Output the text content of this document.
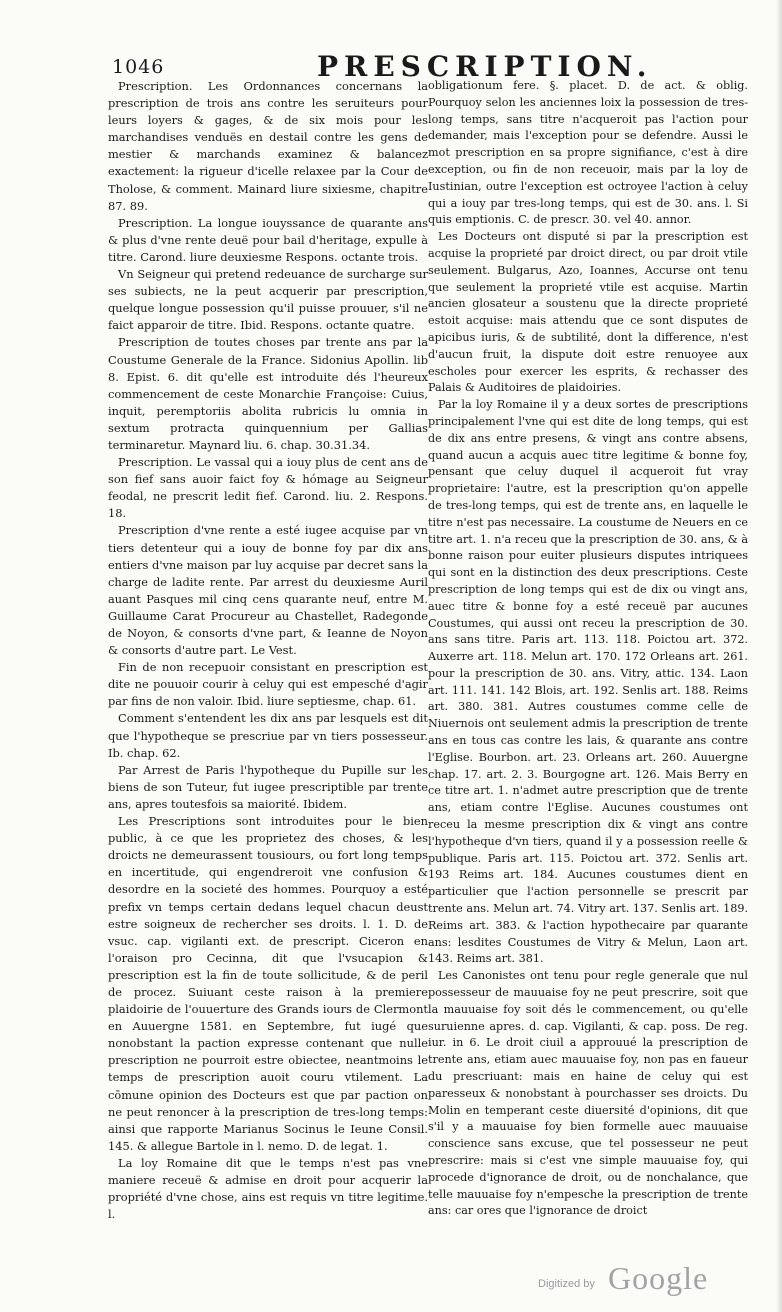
1046	PRESCRIPTION.

Prescription. Les Ordonnances concernans la prescription de trois ans contre les seruiteurs pour leurs loyers & gages, & de six mois pour les marchandises venduës en destail contre les gens de mestier & marchands examinez & balancez exactement: la rigueur d'icelle relaxee par la Cour de Tholose, & comment. Mainard liure sixiesme, chapitre 87. 89.

Prescription. La longue iouyssance de quarante ans & plus d'vne rente deuë pour bail d'heritage, expulle à titre. Carond. liure deuxiesme Respons. octante trois.

Vn Seigneur qui pretend redeuance de surcharge sur ses subiects, ne la peut acquerir par prescription, quelque longue possession qu'il puisse prouuer, s'il ne faict apparoir de titre. Ibid. Respons. octante quatre.

Prescription de toutes choses par trente ans par la Coustume Generale de la France. Sidonius Apollin. lib 8. Epist. 6. dit qu'elle est introduite dés l'heureux commencement de ceste Monarchie Françoise: Cuius, inquit, peremptoriis abolita rubricis lu omnia in sextum protracta quinquennium per Gallias terminaretur. Maynard liu. 6. chap. 30.31.34.

Prescription. Le vassal qui a iouy plus de cent ans de son fief sans auoir faict foy & hómage au Seigneur feodal, ne prescrit ledit fief. Carond. liu. 2. Respons. 18.

Prescription d'vne rente a esté iugee acquise par vn tiers detenteur qui a iouy de bonne foy par dix ans entiers d'vne maison par luy acquise par decret sans la charge de ladite rente. Par arrest du deuxiesme Auril auant Pasques mil cinq cens quarante neuf, entre M. Guillaume Carat Procureur au Chastellet, Radegonde de Noyon, & consorts d'vne part, & Ieanne de Noyon & consorts d'autre part. Le Vest.

Fin de non recepuoir consistant en prescription est dite ne pouuoir courir à celuy qui est empesché d'agir par fins de non valoir. Ibid. liure septiesme, chap. 61.

Comment s'entendent les dix ans par lesquels est dit que l'hypotheque se prescriue par vn tiers possesseur. Ib. chap. 62.

Par Arrest de Paris l'hypotheque du Pupille sur les biens de son Tuteur, fut iugee prescriptible par trente ans, apres toutesfois sa maiorité. Ibidem.

Les Prescriptions sont introduites pour le bien public, à ce que les proprietez des choses, & les droicts ne demeurassent tousiours, ou fort long temps en incertitude, qui engendreroit vne confusion & desordre en la societé des hommes. Pourquoy a esté prefix vn temps certain dedans lequel chacun deust estre soigneux de rechercher ses droits. l. 1. D. de vsuc. cap. vigilanti ext. de prescript. Ciceron en l'oraison pro Cecinna, dit que l'vsucapion & prescription est la fin de toute sollicitude, & de peril de procez. Suiuant ceste raison à la premiere plaidoirie de l'ouuerture des Grands iours de Clermont en Auuergne 1581. en Septembre, fut iugé que nonobstant la paction expresse contenant que nulle prescription ne pourroit estre obiectee, neantmoins le temps de prescription auoit couru vtilement. La cōmune opinion des Docteurs est que par paction on ne peut renoncer à la prescription de tres-long temps: ainsi que rapporte Marianus Socinus le Ieune Consil. 145. & allegue Bartole in l. nemo. D. de legat. 1.

La loy Romaine dit que le temps n'est pas vne maniere receuë & admise en droit pour acquerir la propriété d'vne chose, ains est requis vn titre legitime. l.

obligationum fere. §. placet. D. de act. & oblig. Pourquoy selon les anciennes loix la possession de tres-long temps, sans titre n'acqueroit pas l'action pour demander, mais l'exception pour se defendre. Aussi le mot prescription en sa propre signifiance, c'est à dire exception, ou fin de non receuoir, mais par la loy de Iustinian, outre l'exception est octroyee l'action à celuy qui a iouy par tres-long temps, qui est de 30. ans. l. Si quis emptionis. C. de prescr. 30. vel 40. annor.

Les Docteurs ont disputé si par la prescription est acquise la proprieté par droict direct, ou par droit vtile seulement. Bulgarus, Azo, Ioannes, Accurse ont tenu que seulement la proprieté vtile est acquise. Martin ancien glosateur a soustenu que la directe proprieté estoit acquise: mais attendu que ce sont disputes de apicibus iuris, & de subtilité, dont la difference, n'est d'aucun fruit, la dispute doit estre renuoyee aux escholes pour exercer les esprits, & rechasser des Palais & Auditoires de plaidoiries.

Par la loy Romaine il y a deux sortes de prescriptions principalement l'vne qui est dite de long temps, qui est de dix ans entre presens, & vingt ans contre absens, quand aucun a acquis auec titre legitime & bonne foy, pensant que celuy duquel il acqueroit fut vray proprietaire: l'autre, est la prescription qu'on appelle de tres-long temps, qui est de trente ans, en laquelle le titre n'est pas necessaire. La coustume de Neuers en ce titre art. 1. n'a receu que la prescription de 30. ans, & à bonne raison pour euiter plusieurs disputes intriquees qui sont en la distinction des deux prescriptions. Ceste prescription de long temps qui est de dix ou vingt ans, auec titre & bonne foy a esté receuë par aucunes Coustumes, qui aussi ont receu la prescription de 30. ans sans titre. Paris art. 113. 118. Poictou art. 372. Auxerre art. 118. Melun art. 170. 172 Orleans art. 261. pour la prescription de 30. ans. Vitry, attic. 134. Laon art. 111. 141. 142 Blois, art. 192. Senlis art. 188. Reims art. 380. 381. Autres coustumes comme celle de Niuernois ont seulement admis la prescription de trente ans en tous cas contre les lais, & quarante ans contre l'Eglise. Bourbon. art. 23. Orleans art. 260. Auuergne chap. 17. art. 2. 3. Bourgogne art. 126. Mais Berry en ce titre art. 1. n'admet autre prescription que de trente ans, etiam contre l'Eglise. Aucunes coustumes ont receu la mesme prescription dix & vingt ans contre l'hypotheque d'vn tiers, quand il y a possession reelle & publique. Paris art. 115. Poictou art. 372. Senlis art. 193 Reims art. 184. Aucunes coustumes dient en particulier que l'action personnelle se prescrit par trente ans. Melun art. 74. Vitry art. 137. Senlis art. 189. Reims art. 383. & l'action hypothecaire par quarante ans: lesdites Coustumes de Vitry & Melun, Laon art. 143. Reims art. 381.

Les Canonistes ont tenu pour regle generale que nul possesseur de mauuaise foy ne peut prescrire, soit que la mauuaise foy soit dés le commencement, ou qu'elle suruienne apres. d. cap. Vigilanti, & cap. poss. De reg. iur. in 6. Le droit ciuil a approuué la prescription de trente ans, etiam auec mauuaise foy, non pas en faueur du prescriuant: mais en haine de celuy qui est paresseux & nonobstant à pourchasser ses droicts. Du Molin en temperant ceste diuersité d'opinions, dit que s'il y a mauuaise foy bien formelle auec mauuaise conscience sans excuse, que tel possesseur ne peut prescrire: mais si c'est vne simple mauuaise foy, qui procede d'ignorance de droit, ou de nonchalance, que telle mauuaise foy n'empesche la prescription de trente ans: car ores que l'ignorance de droict

Digitized by Google
